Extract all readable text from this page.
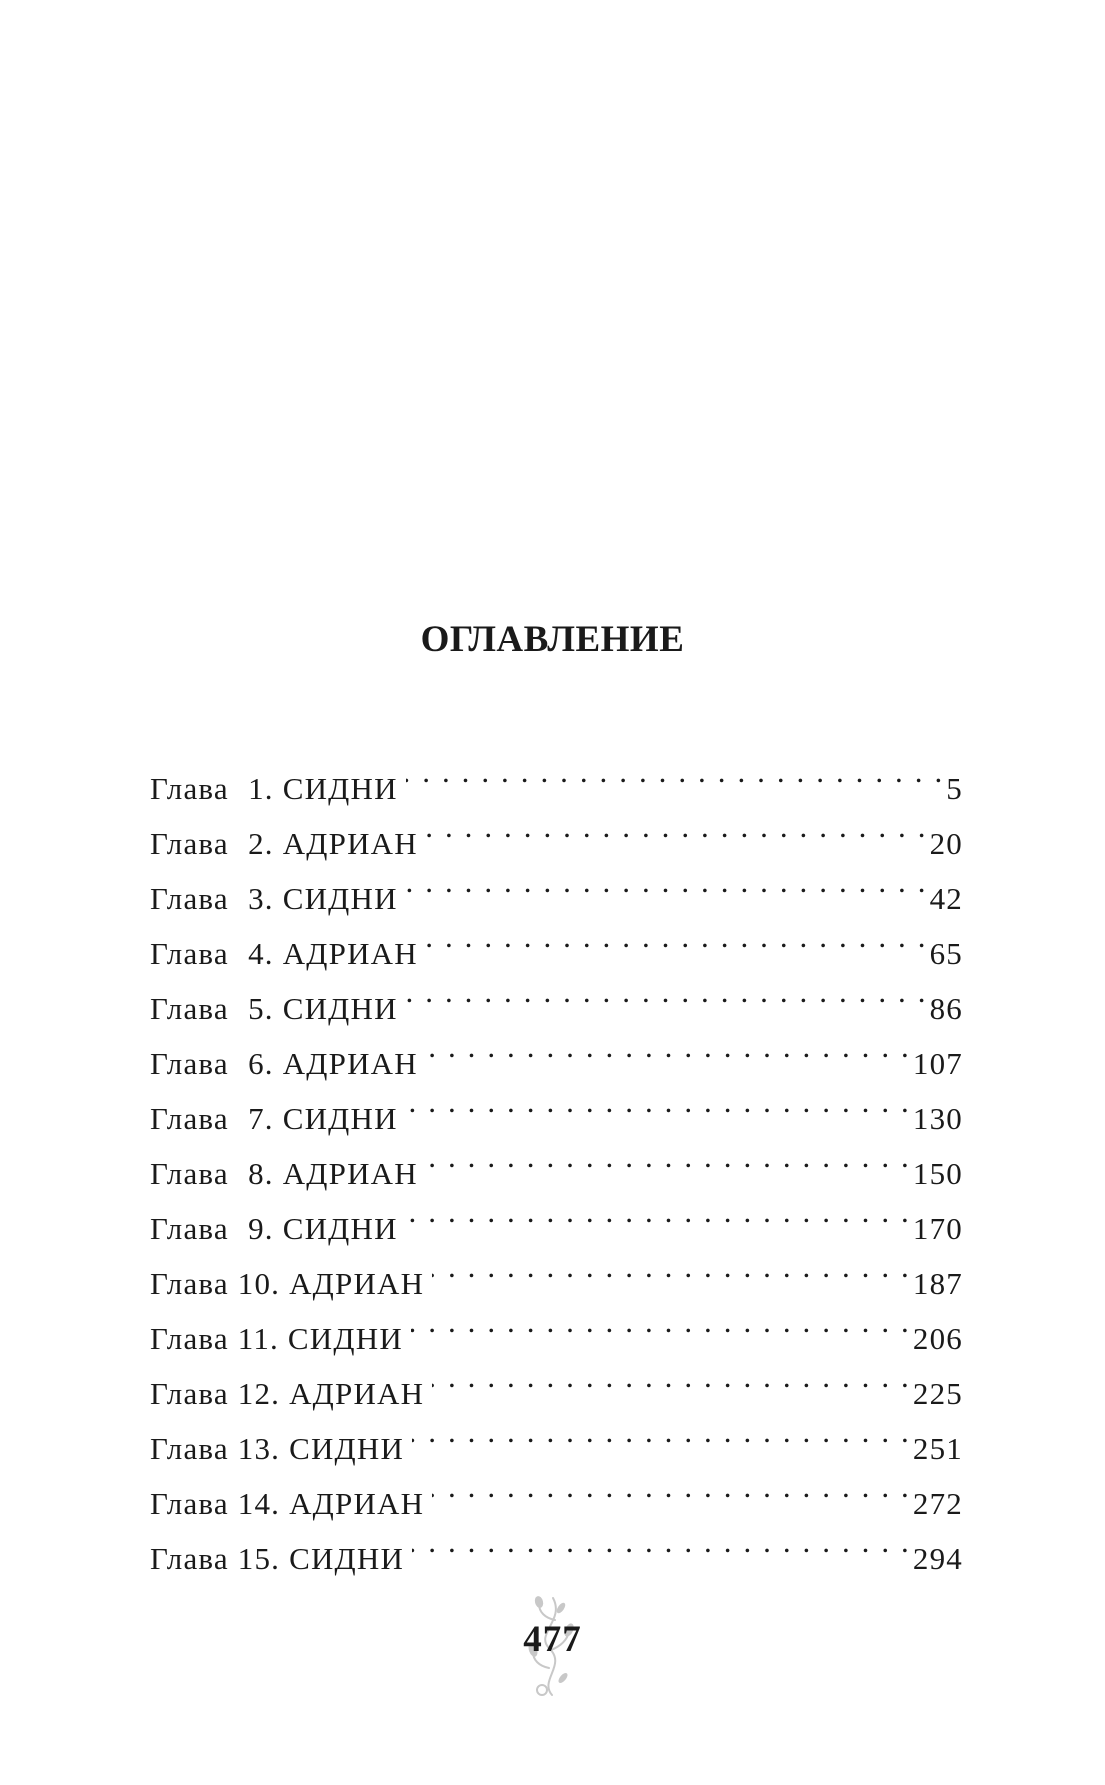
ОГЛАВЛЕНИЕ
Глава 1. СИДНИ . . .	5
Глава 2. АДРИАН . . .	20
Глава 3. СИДНИ . . .	42
Глава 4. АДРИАН . . .	65
Глава 5. СИДНИ . . .	86
Глава 6. АДРИАН . . .	107
Глава 7. СИДНИ . . .	130
Глава 8. АДРИАН . . .	150
Глава 9. СИДНИ . . .	170
Глава 10. АДРИАН . . .	187
Глава 11. СИДНИ . . .	206
Глава 12. АДРИАН . . .	225
Глава 13. СИДНИ . . .	251
Глава 14. АДРИАН . . .	272
Глава 15. СИДНИ . . .	294
477
